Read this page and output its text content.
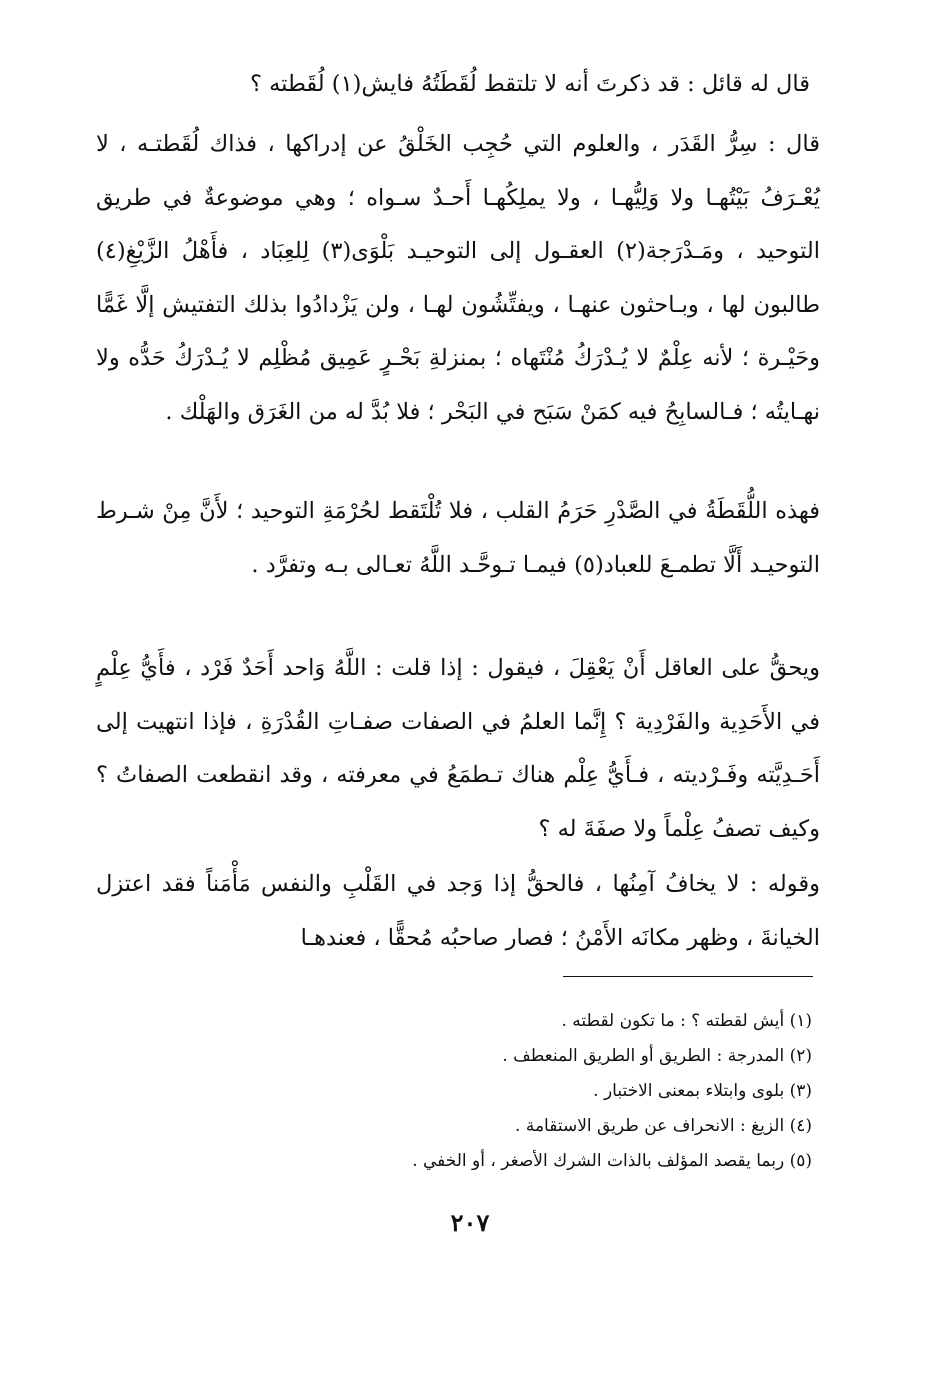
قال له قائل : قد ذكرتَ أنه لا تلتقط لُقَطَتُهُ فايش(١) لُقَطته ؟

قال : سِرُّ القَدَر ، والعلوم التي حُجِب الخَلْقُ عن إدراكها ، فذاك لُقَطتـه ، لا يُعْـرَفُ بَيْتُهـا ولا وَلِيُّهـا ، ولا يملِكُهـا أَحـدٌ سـواه ؛ وهي موضوعةٌ في طريق التوحيد ، ومَـدْرَجة(٢) العقـول إلى التوحيـد بَلْوَى(٣) لِلعِبَاد ، فأَهْلُ الزَّيْغِ(٤) طالبون لها ، وبـاحثون عنهـا ، ويفتِّشُون لهـا ، ولن يَزْدادُوا بذلك التفتيش إلَّا غَمًّا وحَيْـرة ؛ لأنه عِلْمٌ لا يُـدْرَكُ مُنْتَهاه ؛ بمنزلةِ بَحْـرٍ عَمِيق مُظْلِم لا يُـدْرَكُ حَدُّه ولا نهـايتُه ؛ فـالسابِحُ فيه كمَنْ سَبَح في البَحْر ؛ فلا بُدَّ له من الغَرَق والهَلْك .

فهذه اللُّقَطَةُ في الصَّدْرِ حَرَمُ القلب ، فلا تُلْتَقط لحُرْمَةِ التوحيد ؛ لأَنَّ مِنْ شـرط التوحيـد أَلَّا تطمـعَ للعباد(٥) فيمـا تـوحَّـد اللَّهُ تعـالى بـه وتفرَّد .

ويحقُّ على العاقل أَنْ يَعْقِلَ ، فيقول : إذا قلت : اللَّهُ وَاحد أَحَدٌ فَرْد ، فأَيُّ عِلْمٍ في الأَحَدِية والفَرْدِية ؟ إِنَّما العلمُ في الصفات صفـاتِ القُدْرَةِ ، فإذا انتهيت إلى أَحَـدِيَّته وفَـرْديته ، فـأَيُّ عِلْم هناك تـطمَعُ في معرفته ، وقد انقطعت الصفاتُ ؟ وكيف تصفُ عِلْماً ولا صفَةَ له ؟

وقوله : لا يخافُ آمِنُها ، فالحقُّ إذا وَجد في القَلْبِ والنفس مَأْمَناً فقد اعتزل الخيانةَ ، وظهر مكانَه الأَمْنُ ؛ فصار صاحبُه مُحقًّا ، فعندهـا

(١) أيش لقطته ؟ : ما تكون لقطته .
(٢) المدرجة : الطريق أو الطريق المنعطف .
(٣) بلوى وابتلاء بمعنى الاختبار .
(٤) الزيغ : الانحراف عن طريق الاستقامة .
(٥) ربما يقصد المؤلف بالذات الشرك الأصغر ، أو الخفي .
٢٠٧
